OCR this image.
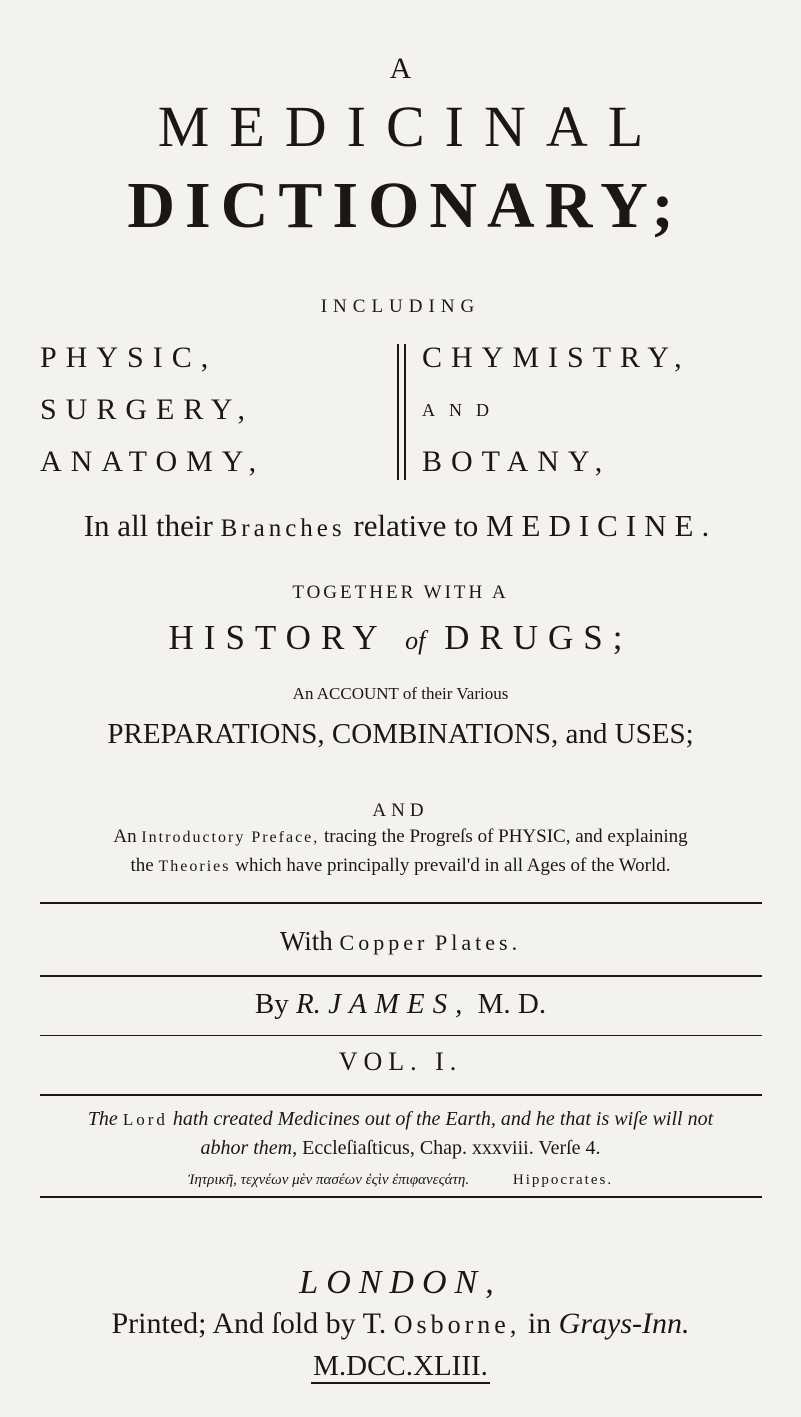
A
MEDICINAL
DICTIONARY;
INCLUDING
PHYSIC,
SURGERY,
ANATOMY,
CHYMISTRY,
AND
BOTANY,
In all their Branches relative to MEDICINE.
TOGETHER WITH A
HISTORY of DRUGS;
An ACCOUNT of their Various
PREPARATIONS, COMBINATIONS, and USES;
AND
An Introductory Preface, tracing the Progreſs of PHYSIC, and explaining
the Theories which have principally prevail'd in all Ages of the World.
With Copper Plates.
By R. JAMES, M. D.
VOL. I.
The Lord hath created Medicines out of the Earth, and he that is wiſe will not
abhor them, Eccleſiaſticus, Chap. xxxviii. Verſe 4.
Ἰητρικῆ, τεχνέων μὲν πασέων ἐςὶν ἐπιφανεςάτη.	Hippocrates.
LONDON,
Printed; And ſold by T. Osborne, in Grays-Inn.
M.DCC.XLIII.
